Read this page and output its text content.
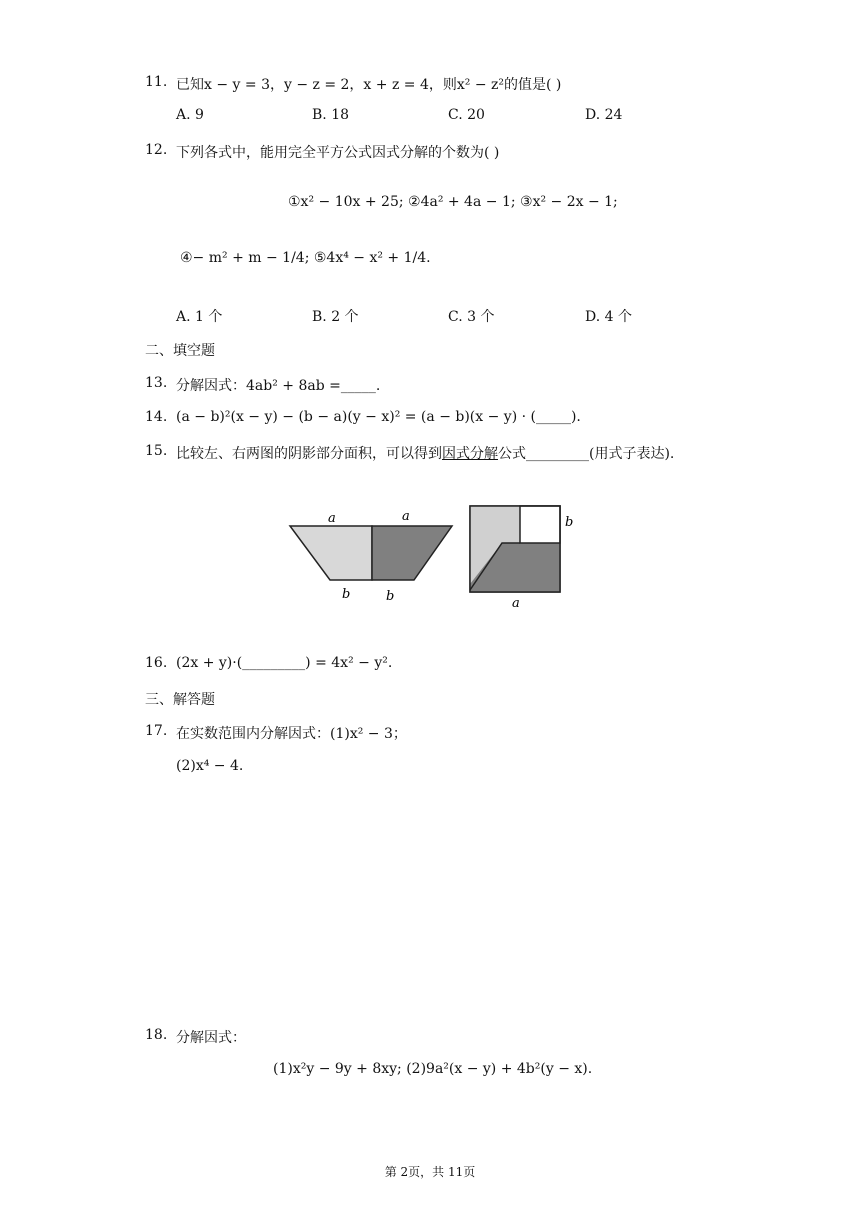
11. 已知x − y = 3，y − z = 2，x + z = 4，则x² − z²的值是( )
A. 9	B. 18	C. 20	D. 24
12. 下列各式中，能用完全平方公式因式分解的个数为( )
①x² − 10x + 25; ②4a² + 4a − 1; ③x² − 2x − 1;
④− m² + m − 1/4; ⑤4x⁴ − x² + 1/4.
A. 1 个	B. 2 个	C. 3 个	D. 4 个
二、填空题
13. 分解因式：4ab² + 8ab =_____.
14. (a − b)²(x − y) − (b − a)(y − x)² = (a − b)(x − y) · (_____).
15. 比较左、右两图的阴影部分面积，可以得到因式分解公式_________(用式子表达).
a	a
b	b
b
a
16. (2x + y)·(_________) = 4x² − y².
三、解答题
17. 在实数范围内分解因式：(1)x² − 3；
(2)x⁴ − 4.
18. 分解因式：
(1)x²y − 9y + 8xy; (2)9a²(x − y) + 4b²(y − x).
第 2页，共 11页
